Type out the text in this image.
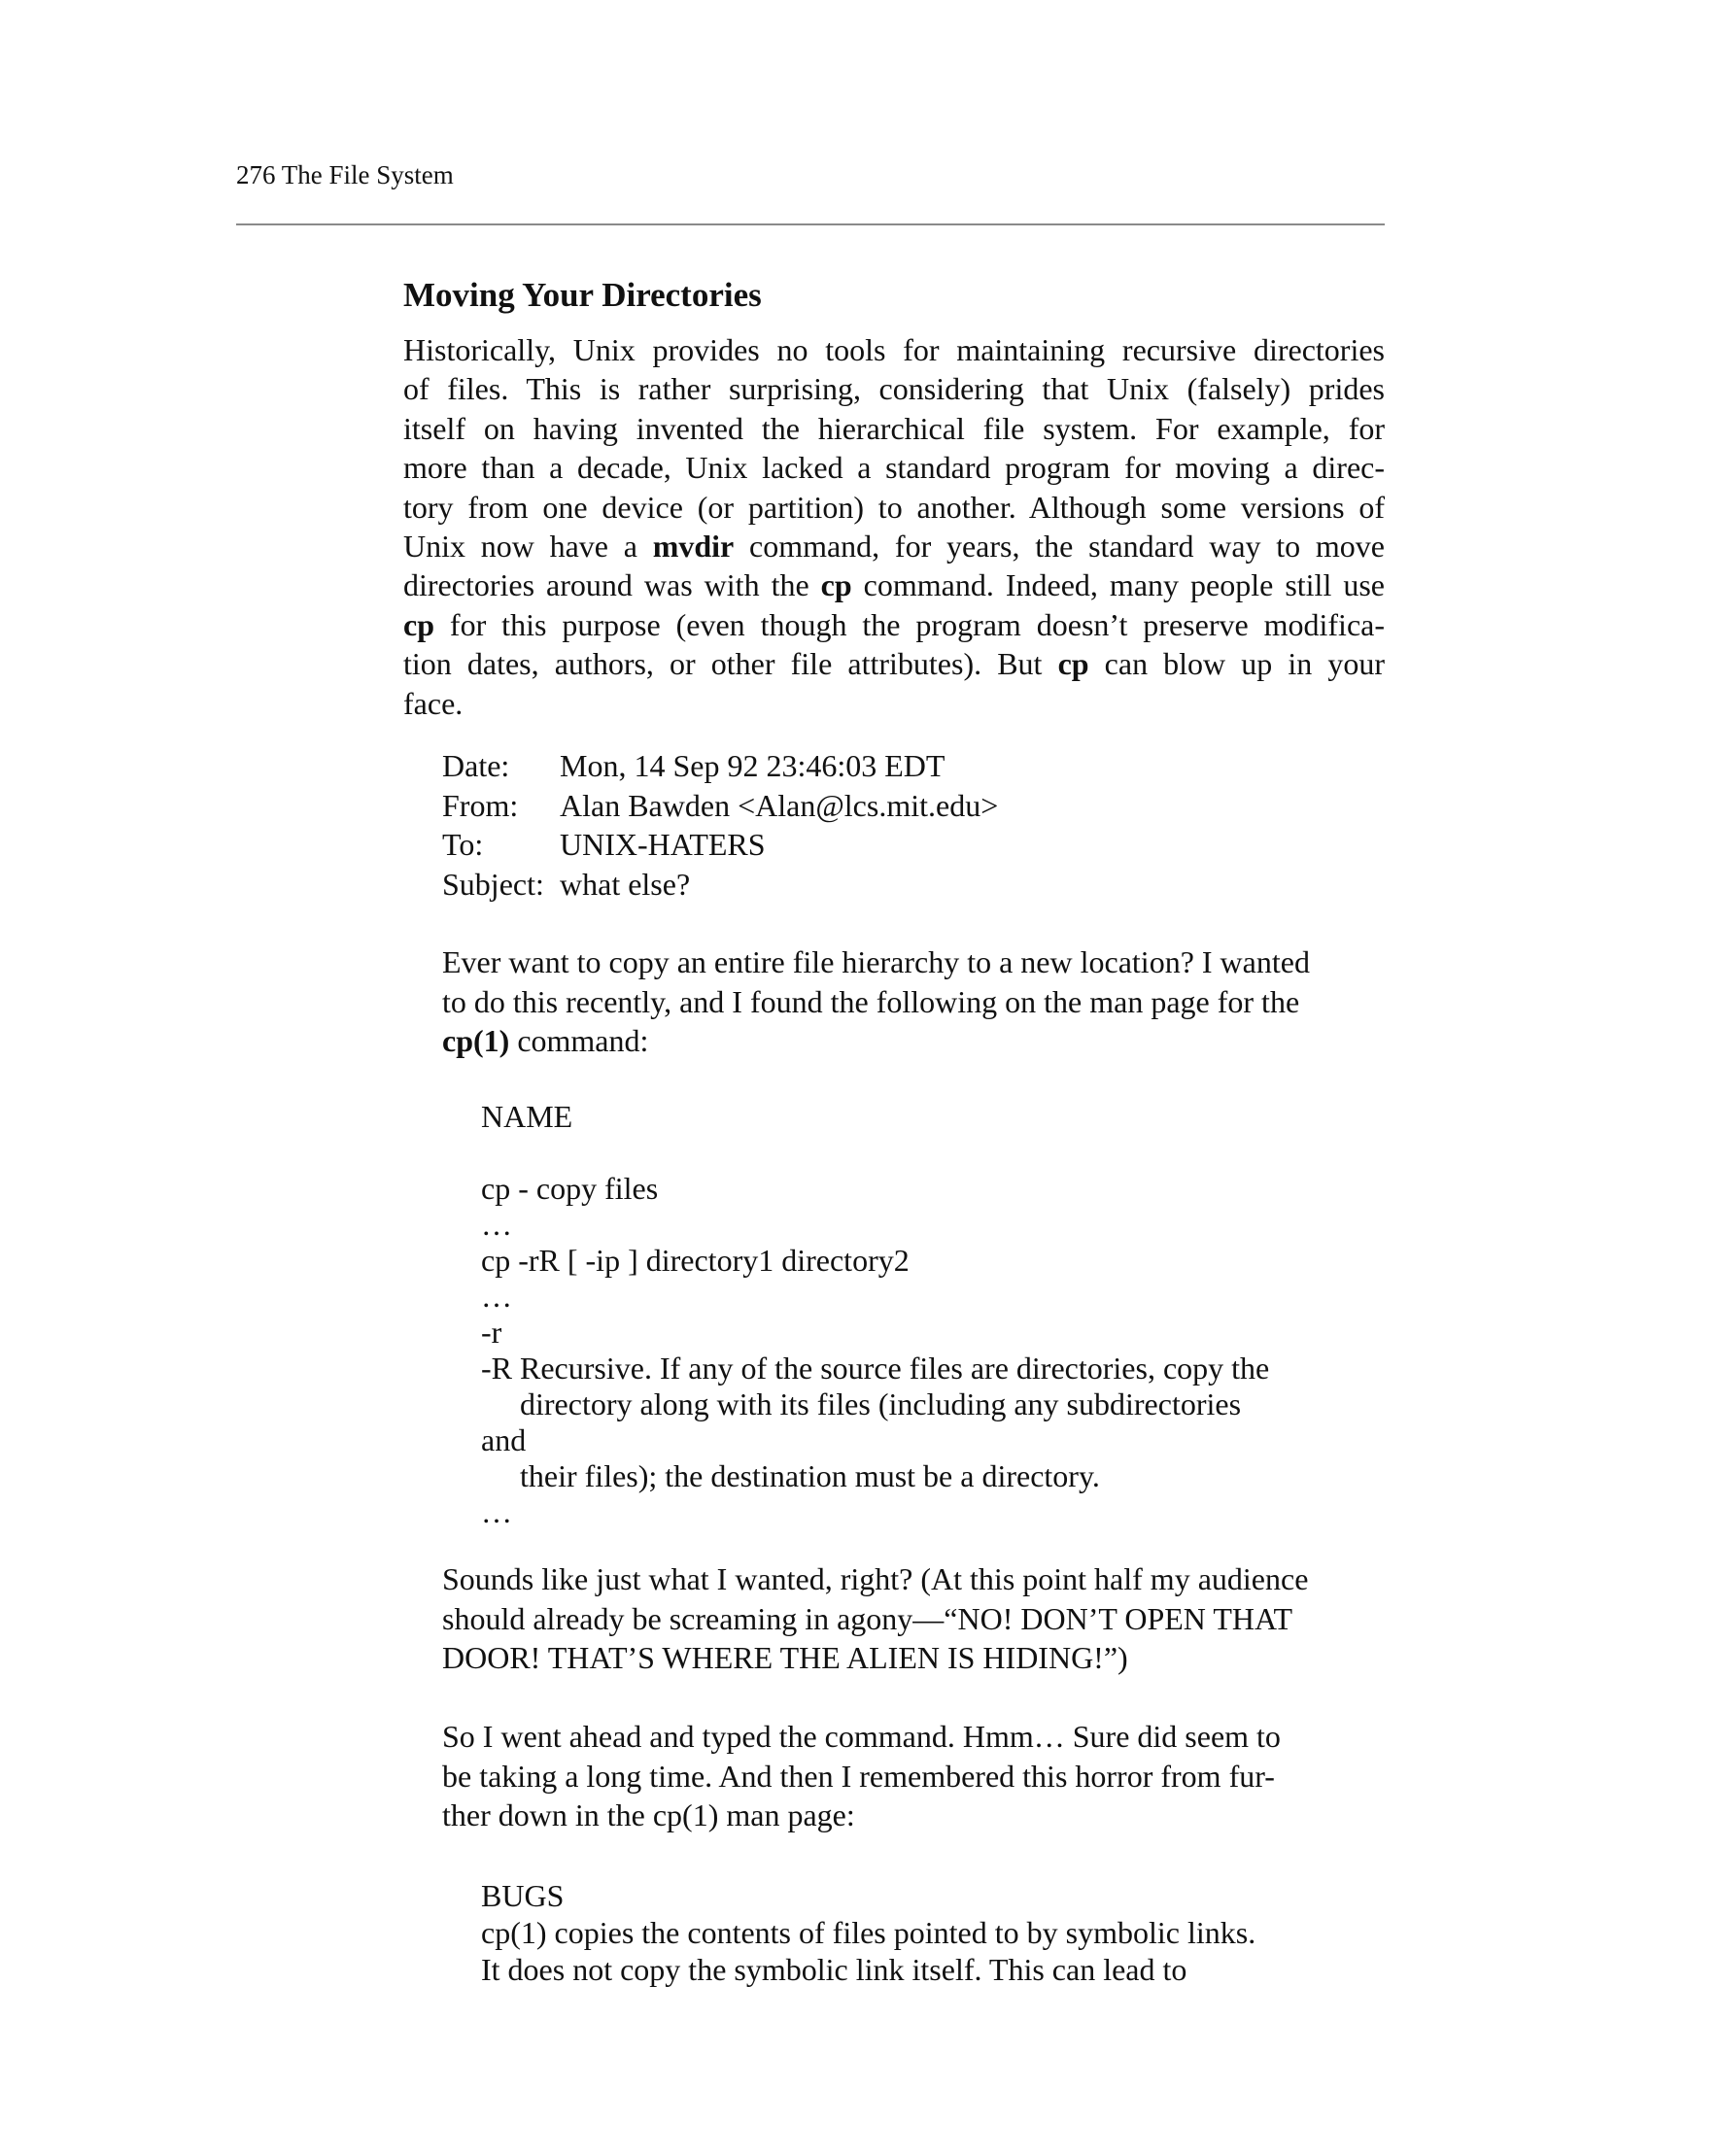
276 The File System
Moving Your Directories
Historically, Unix provides no tools for maintaining recursive directories
of files. This is rather surprising, considering that Unix (falsely) prides
itself on having invented the hierarchical file system. For example, for
more than a decade, Unix lacked a standard program for moving a direc-
tory from one device (or partition) to another. Although some versions of
Unix now have a mvdir command, for years, the standard way to move
directories around was with the cp command. Indeed, many people still use
cp for this purpose (even though the program doesn’t preserve modifica-
tion dates, authors, or other file attributes). But cp can blow up in your
face.
Date: Mon, 14 Sep 92 23:46:03 EDT
From: Alan Bawden <Alan@lcs.mit.edu>
To: UNIX-HATERS
Subject: what else?
Ever want to copy an entire file hierarchy to a new location? I wanted
to do this recently, and I found the following on the man page for the
cp(1) command:
NAME

cp - copy files
…
cp -rR [ -ip ] directory1 directory2
…
-r
-R Recursive. If any of the source files are directories, copy the
directory along with its files (including any subdirectories
and
their files); the destination must be a directory.
…
Sounds like just what I wanted, right? (At this point half my audience
should already be screaming in agony—“NO! DON’T OPEN THAT
DOOR! THAT’S WHERE THE ALIEN IS HIDING!”)
So I went ahead and typed the command. Hmm… Sure did seem to
be taking a long time. And then I remembered this horror from fur-
ther down in the cp(1) man page:
BUGS
cp(1) copies the contents of files pointed to by symbolic links.
It does not copy the symbolic link itself. This can lead to
